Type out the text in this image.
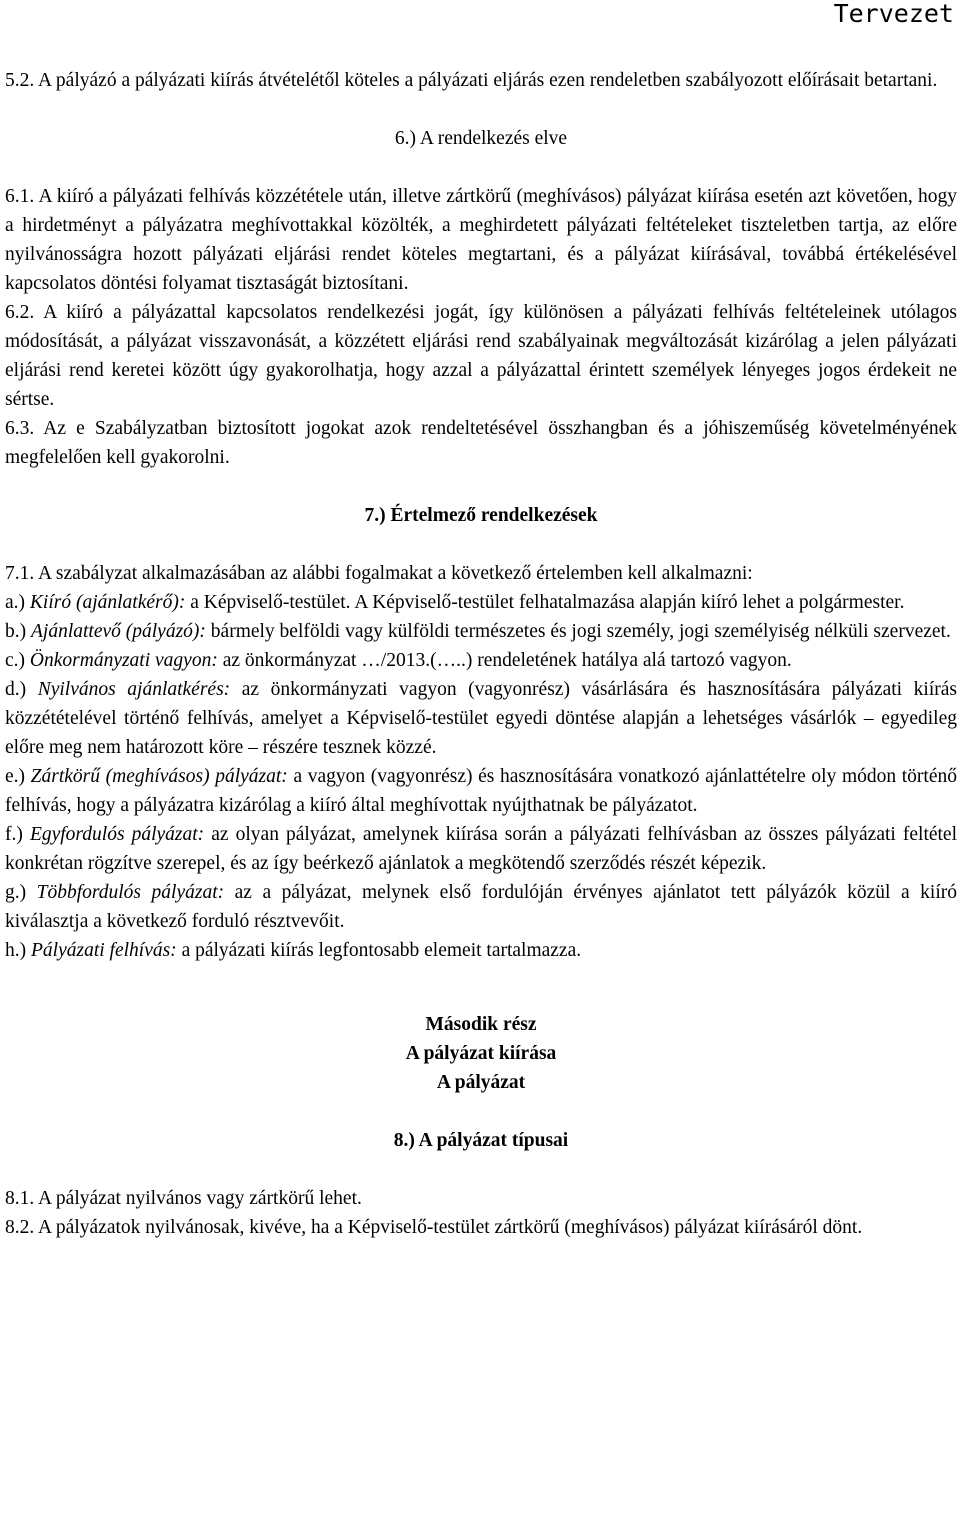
Tervezet

5.2. A pályázó a pályázati kiírás átvételétől köteles a pályázati eljárás ezen rendeletben szabályozott előírásait betartani.

6.) A rendelkezés elve

6.1. A kiíró a pályázati felhívás közzététele után, illetve zártkörű (meghívásos) pályázat kiírása esetén azt követően, hogy a hirdetményt a pályázatra meghívottakkal közölték, a meghirdetett pályázati feltételeket tiszteletben tartja, az előre nyilvánosságra hozott pályázati eljárási rendet köteles megtartani, és a pályázat kiírásával, továbbá értékelésével kapcsolatos döntési folyamat tisztaságát biztosítani.

6.2. A kiíró a pályázattal kapcsolatos rendelkezési jogát, így különösen a pályázati felhívás feltételeinek utólagos módosítását, a pályázat visszavonását, a közzétett eljárási rend szabályainak megváltozását kizárólag a jelen pályázati eljárási rend keretei között úgy gyakorolhatja, hogy azzal a pályázattal érintett személyek lényeges jogos érdekeit ne sértse.

6.3. Az e Szabályzatban biztosított jogokat azok rendeltetésével összhangban és a jóhiszeműség követelményének megfelelően kell gyakorolni.

7.) Értelmező rendelkezések

7.1. A szabályzat alkalmazásában az alábbi fogalmakat a következő értelemben kell alkalmazni:

a.) Kiíró (ajánlatkérő): a Képviselő-testület. A Képviselő-testület felhatalmazása alapján kiíró lehet a polgármester.

b.) Ajánlattevő (pályázó): bármely belföldi vagy külföldi természetes és jogi személy, jogi személyiség nélküli szervezet.

c.) Önkormányzati vagyon: az önkormányzat …/2013.(…..) rendeletének hatálya alá tartozó vagyon.

d.) Nyilvános ajánlatkérés: az önkormányzati vagyon (vagyonrész) vásárlására és hasznosítására pályázati kiírás közzétételével történő felhívás, amelyet a Képviselő-testület egyedi döntése alapján a lehetséges vásárlók – egyedileg előre meg nem határozott köre – részére tesznek közzé.

e.) Zártkörű (meghívásos) pályázat: a vagyon (vagyonrész) és hasznosítására vonatkozó ajánlattételre oly módon történő felhívás, hogy a pályázatra kizárólag a kiíró által meghívottak nyújthatnak be pályázatot.

f.) Egyfordulós pályázat: az olyan pályázat, amelynek kiírása során a pályázati felhívásban az összes pályázati feltétel konkrétan rögzítve szerepel, és az így beérkező ajánlatok a megkötendő szerződés részét képezik.

g.) Többfordulós pályázat: az a pályázat, melynek első fordulóján érvényes ajánlatot tett pályázók közül a kiíró kiválasztja a következő forduló résztvevőit.

h.) Pályázati felhívás: a pályázati kiírás legfontosabb elemeit tartalmazza.

Második rész

A pályázat kiírása

A pályázat

8.) A pályázat típusai

8.1. A pályázat nyilvános vagy zártkörű lehet.

8.2. A pályázatok nyilvánosak, kivéve, ha a Képviselő-testület zártkörű (meghívásos) pályázat kiírásáról dönt.
